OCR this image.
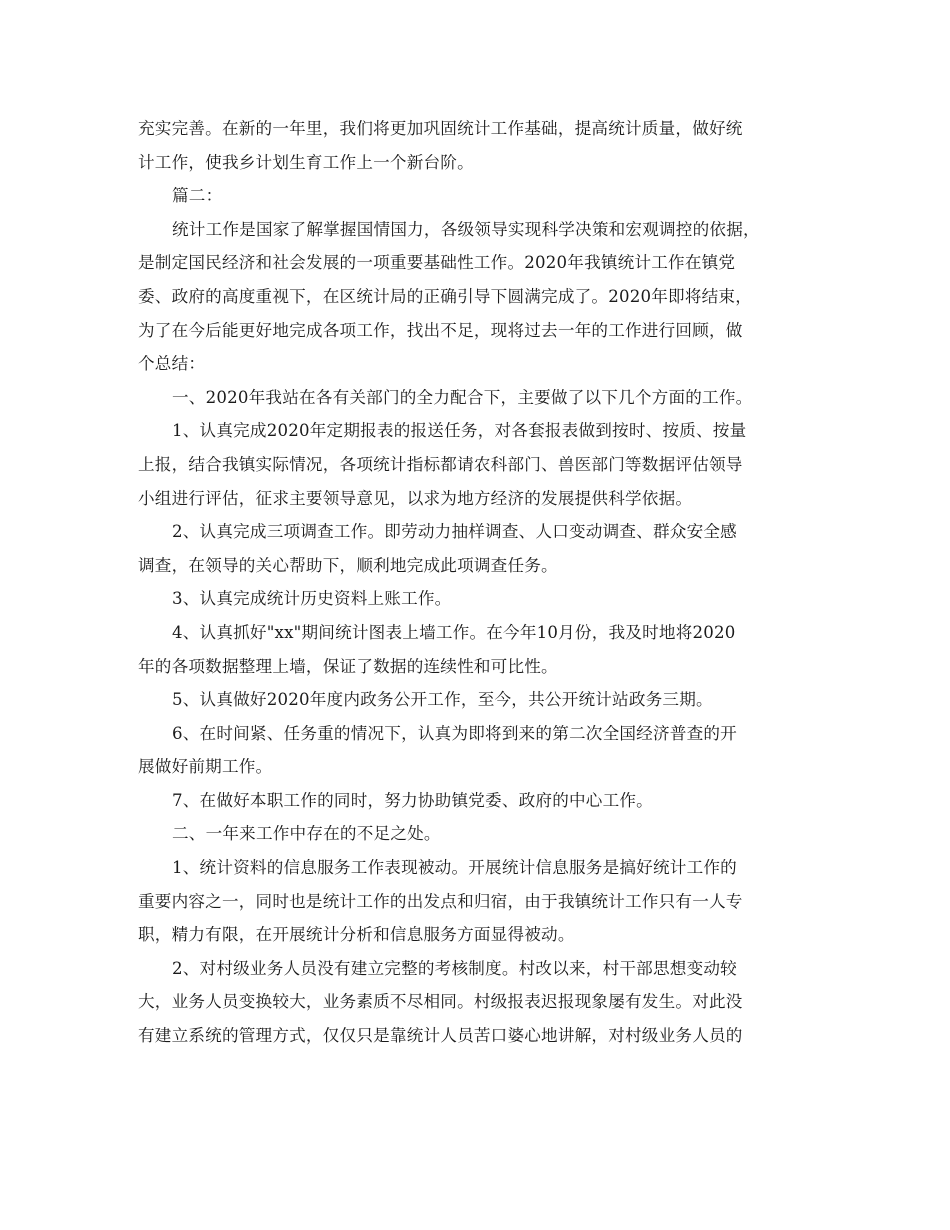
充实完善。在新的一年里，我们将更加巩固统计工作基础，提高统计质量，做好统
计工作，使我乡计划生育工作上一个新台阶。
篇二：
统计工作是国家了解掌握国情国力，各级领导实现科学决策和宏观调控的依据，
是制定国民经济和社会发展的一项重要基础性工作。2020年我镇统计工作在镇党
委、政府的高度重视下，在区统计局的正确引导下圆满完成了。2020年即将结束，
为了在今后能更好地完成各项工作，找出不足，现将过去一年的工作进行回顾，做
个总结：
一、2020年我站在各有关部门的全力配合下，主要做了以下几个方面的工作。
1、认真完成2020年定期报表的报送任务，对各套报表做到按时、按质、按量
上报，结合我镇实际情况，各项统计指标都请农科部门、兽医部门等数据评估领导
小组进行评估，征求主要领导意见，以求为地方经济的发展提供科学依据。
2、认真完成三项调查工作。即劳动力抽样调查、人口变动调查、群众安全感
调查，在领导的关心帮助下，顺利地完成此项调查任务。
3、认真完成统计历史资料上账工作。
4、认真抓好"xx"期间统计图表上墙工作。在今年10月份，我及时地将2020
年的各项数据整理上墙，保证了数据的连续性和可比性。
5、认真做好2020年度内政务公开工作，至今，共公开统计站政务三期。
6、在时间紧、任务重的情况下，认真为即将到来的第二次全国经济普查的开
展做好前期工作。
7、在做好本职工作的同时，努力协助镇党委、政府的中心工作。
二、一年来工作中存在的不足之处。
1、统计资料的信息服务工作表现被动。开展统计信息服务是搞好统计工作的
重要内容之一，同时也是统计工作的出发点和归宿，由于我镇统计工作只有一人专
职，精力有限，在开展统计分析和信息服务方面显得被动。
2、对村级业务人员没有建立完整的考核制度。村改以来，村干部思想变动较
大，业务人员变换较大，业务素质不尽相同。村级报表迟报现象屡有发生。对此没
有建立系统的管理方式，仅仅只是靠统计人员苦口婆心地讲解，对村级业务人员的
